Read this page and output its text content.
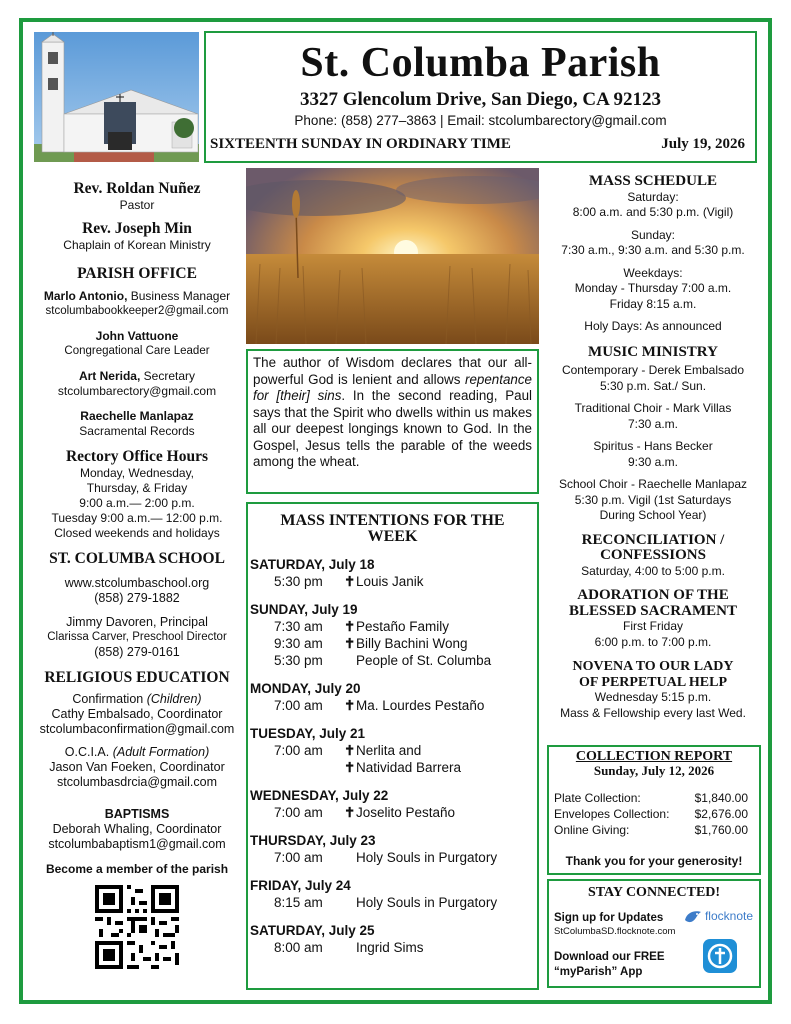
St. Columba Parish
3327 Glencolum Drive, San Diego, CA 92123
Phone: (858) 277–3863 | Email: stcolumbarectory@gmail.com
SIXTEENTH SUNDAY IN ORDINARY TIME	July 19, 2026
Rev. Roldan Nuñez
Pastor
Rev. Joseph Min
Chaplain of Korean Ministry
PARISH OFFICE
Marlo Antonio, Business Manager
stcolumbabookkeeper2@gmail.com
John Vattuone
Congregational Care Leader
Art Nerida, Secretary
stcolumbarectory@gmail.com
Raechelle Manlapaz
Sacramental Records
Rectory Office Hours
Monday, Wednesday,
Thursday, & Friday
9:00 a.m.— 2:00 p.m.
Tuesday 9:00 a.m.— 12:00 p.m.
Closed weekends and holidays
ST. COLUMBA SCHOOL
www.stcolumbaschool.org
(858) 279-1882
Jimmy Davoren, Principal
Clarissa Carver, Preschool Director
(858) 279-0161
RELIGIOUS EDUCATION
Confirmation (Children)
Cathy Embalsado, Coordinator
stcolumbaconfirmation@gmail.com
O.C.I.A. (Adult Formation)
Jason Van Foeken, Coordinator
stcolumbasdrcia@gmail.com
BAPTISMS
Deborah Whaling, Coordinator
stcolumbabaptism1@gmail.com
Become a member of the parish
The author of Wisdom declares that our all-powerful God is lenient and allows repentance for [their] sins. In the second reading, Paul says that the Spirit who dwells within us makes all our deepest longings known to God. In the Gospel, Jesus tells the parable of the weeds among the wheat.
MASS INTENTIONS FOR THE
WEEK
SATURDAY, July 18
5:30 pm	✝ Louis Janik
SUNDAY, July 19
7:30 am	✝ Pestaño Family
9:30 am	✝ Billy Bachini Wong
5:30 pm	People of St. Columba
MONDAY, July 20
7:00 am	✝ Ma. Lourdes Pestaño
TUESDAY, July 21
7:00 am	✝ Nerlita and
✝ Natividad Barrera
WEDNESDAY, July 22
7:00 am	✝ Joselito Pestaño
THURSDAY, July 23
7:00 am	Holy Souls in Purgatory
FRIDAY, July 24
8:15 am	Holy Souls in Purgatory
SATURDAY, July 25
8:00 am	Ingrid Sims
MASS SCHEDULE
Saturday:
8:00 a.m. and 5:30 p.m. (Vigil)
Sunday:
7:30 a.m., 9:30 a.m. and 5:30 p.m.
Weekdays:
Monday - Thursday 7:00 a.m.
Friday 8:15 a.m.
Holy Days: As announced
MUSIC MINISTRY
Contemporary - Derek Embalsado
5:30 p.m. Sat./ Sun.
Traditional Choir - Mark Villas
7:30 a.m.
Spiritus - Hans Becker
9:30 a.m.
School Choir - Raechelle Manlapaz
5:30 p.m. Vigil (1st Saturdays
During School Year)
RECONCILIATION /
CONFESSIONS
Saturday, 4:00 to 5:00 p.m.
ADORATION OF THE
BLESSED SACRAMENT
First Friday
6:00 p.m. to 7:00 p.m.
NOVENA TO OUR LADY
OF PERPETUAL HELP
Wednesday 5:15 p.m.
Mass & Fellowship every last Wed.
COLLECTION REPORT
Sunday, July 12, 2026
Plate Collection:	$1,840.00
Envelopes Collection: $2,676.00
Online Giving:	$1,760.00
Thank you for your generosity!
STAY CONNECTED!
Sign up for Updates
StColumbaSD.flocknote.com
flocknote
Download our FREE
“myParish” App
